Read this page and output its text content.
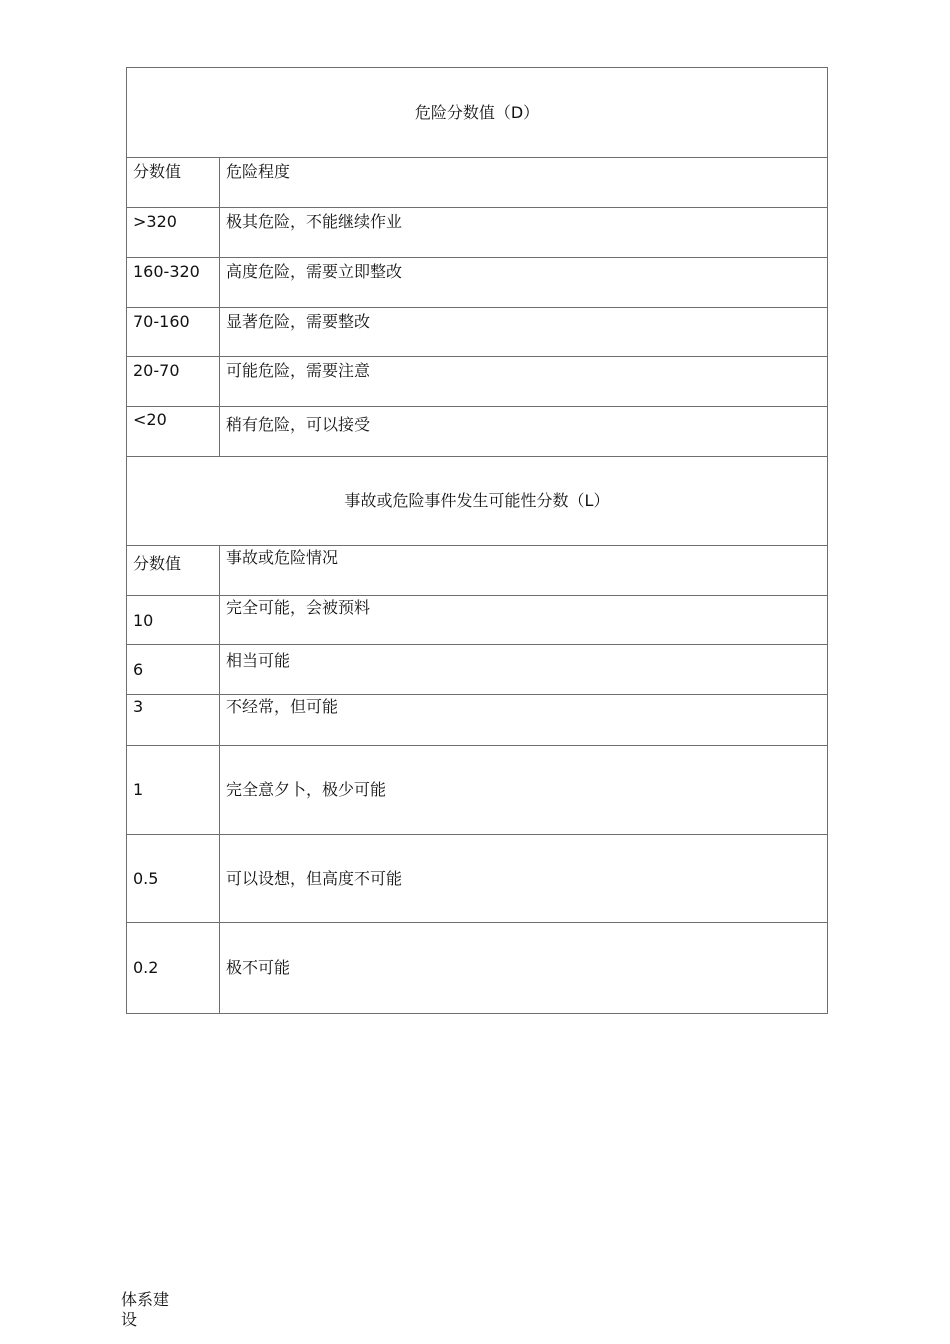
危险分数值（D）	
分数值	危险程度
>320	极其危险，不能继续作业
160-320	高度危险，需要立即整改
70-160	显著危险，需要整改
20-70	可能危险，需要注意
<20	稍有危险，可以接受
事故或危险事件发生可能性分数（L）	
分数值	事故或危险情况
10	完全可能，会被预料
6	相当可能
3	不经常，但可能
1	完全意夕卜，极少可能
0.5	可以设想，但高度不可能
0.2	极不可能
体系建设
